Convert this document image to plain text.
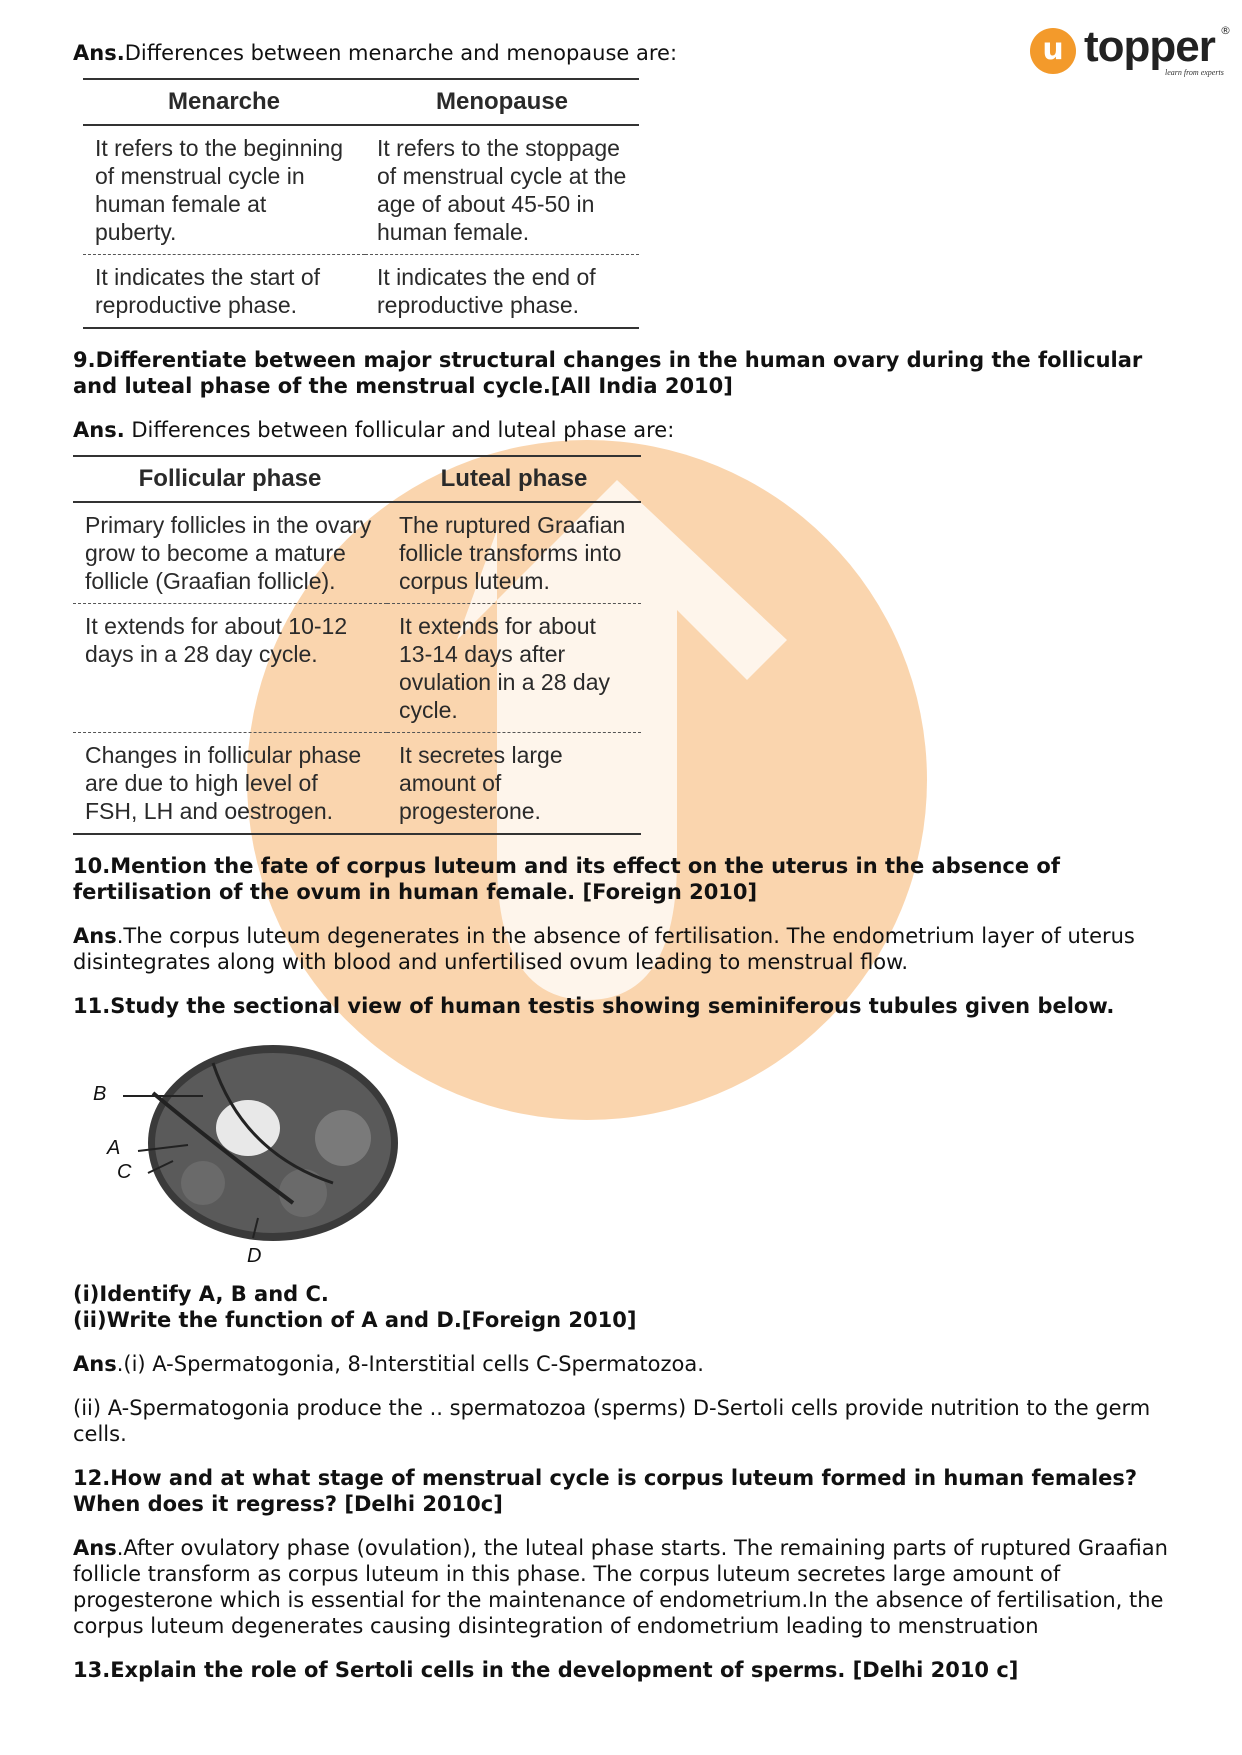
u topper
learn from experts
®

Ans.Differences between menarche and menopause are:

Menarche	Menopause
It refers to the beginning of menstrual cycle in human female at puberty.	It refers to the stoppage of menstrual cycle at the age of about 45-50 in human female.
It indicates the start of reproductive phase.	It indicates the end of reproductive phase.

9.Differentiate between major structural changes in the human ovary during the follicular and luteal phase of the menstrual cycle.[All India 2010]

Ans. Differences between follicular and luteal phase are:

Follicular phase	Luteal phase
Primary follicles in the ovary grow to become a mature follicle (Graafian follicle).	The ruptured Graafian follicle transforms into corpus luteum.
It extends for about 10-12 days in a 28 day cycle.	It extends for about 13-14 days after ovulation in a 28 day cycle.
Changes in follicular phase are due to high level of FSH, LH and oestrogen.	It secretes large amount of progesterone.

10.Mention the fate of corpus luteum and its effect on the uterus in the absence of fertilisation of the ovum in human female. [Foreign 2010]

Ans.The corpus luteum degenerates in the absence of fertilisation. The endometrium layer of uterus disintegrates along with blood and unfertilised ovum leading to menstrual flow.

11.Study the sectional view of human testis showing seminiferous tubules given below.

B
A
C
D

(i)Identify A, B and C.

(ii)Write the function of A and D.[Foreign 2010]

Ans.(i) A-Spermatogonia, 8-Interstitial cells C-Spermatozoa.

(ii) A-Spermatogonia produce the .. spermatozoa (sperms) D-Sertoli cells provide nutrition to the germ cells.

12.How and at what stage of menstrual cycle is corpus luteum formed in human females? When does it regress? [Delhi 2010c]

Ans.After ovulatory phase (ovulation), the luteal phase starts. The remaining parts of ruptured Graafian follicle transform as corpus luteum in this phase. The corpus luteum secretes large amount of progesterone which is essential for the maintenance of endometrium.In the absence of fertilisation, the corpus luteum degenerates causing disintegration of endometrium leading to menstruation

13.Explain the role of Sertoli cells in the development of sperms. [Delhi 2010 c]
